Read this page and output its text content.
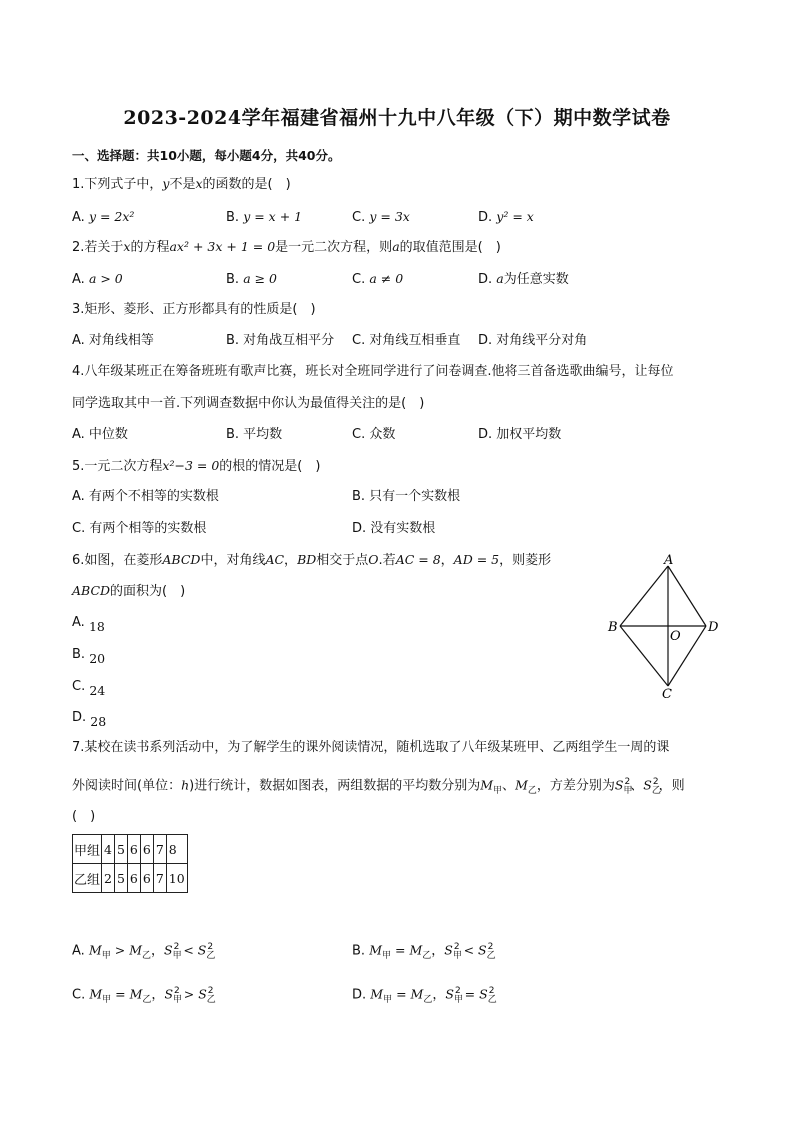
2023-2024学年福建省福州十九中八年级（下）期中数学试卷
一、选择题：共10小题，每小题4分，共40分。
1.下列式子中，y不是x的函数的是(　)
A. y = 2x²	B. y = x + 1	C. y = 3x	D. y² = x
2.若关于x的方程ax² + 3x + 1 = 0是一元二次方程，则a的取值范围是(　)
A. a > 0	B. a ≥ 0	C. a ≠ 0	D. a为任意实数
3.矩形、菱形、正方形都具有的性质是(　)
A. 对角线相等	B. 对角战互相平分 C. 对角线互相垂直 D. 对角线平分对角
4.八年级某班正在筹备班班有歌声比赛，班长对全班同学进行了问卷调查.他将三首备选歌曲编号，让每位
同学选取其中一首.下列调查数据中你认为最值得关注的是(　)
A. 中位数	B. 平均数	C. 众数	D. 加权平均数
5.一元二次方程x²−3 = 0的根的情况是(　)
A. 有两个不相等的实数根	B. 只有一个实数根
C. 有两个相等的实数根	D. 没有实数根
6.如图，在菱形ABCD中，对角线AC，BD相交于点O.若AC = 8，AD = 5，则菱形
ABCD的面积为(　)
A. 18
B. 20
C. 24
D. 28
A
B	D
C
O
7.某校在读书系列活动中，为了解学生的课外阅读情况，随机选取了八年级某班甲、乙两组学生一周的课
外阅读时间(单位：h)进行统计，数据如图表，两组数据的平均数分别为$M_甲$、$M_乙$，方差分别为$S_甲^2$、$S_乙^2$，则
(　)
甲组	4	5	6	6	7	8
乙组	2	5	6	6	7	10
A. $M_甲 > M_乙$，$S_甲^2 < S_乙^2$	B. $M_甲 = M_乙$，$S_甲^2 < S_乙^2$
C. $M_甲 = M_乙$，$S_甲^2 > S_乙^2$	D. $M_甲 = M_乙$，$S_甲^2 = S_乙^2$
